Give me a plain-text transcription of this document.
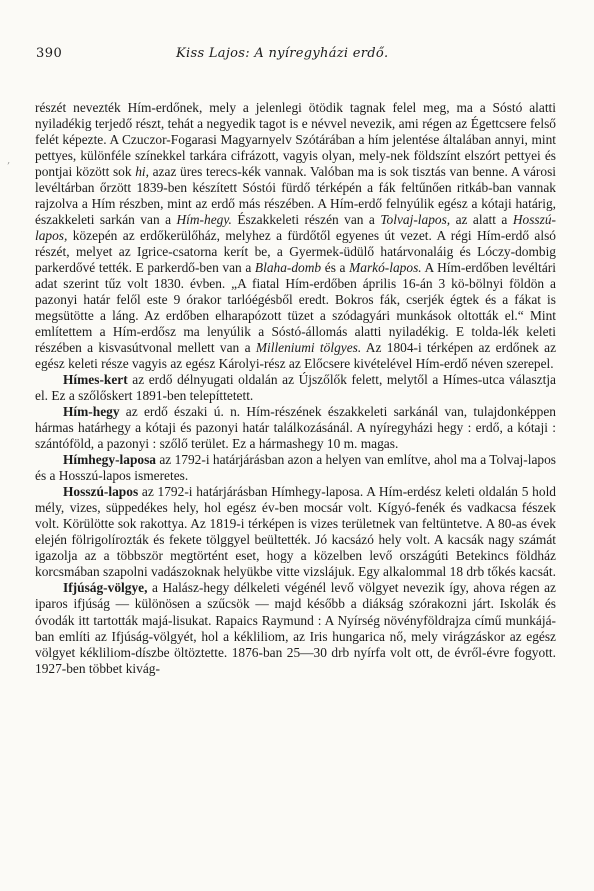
‚
390	Kiss Lajos: A nyíregyházi erdő.

részét nevezték Hím-erdőnek, mely a jelenlegi ötödik tagnak felel meg, ma a Sóstó alatti nyiladékig terjedő részt, tehát a negyedik tagot is e névvel nevezik, ami régen az Égettcsere felső felét képezte. A Czuczor-Fogarasi Magyarnyelv Szótárában a hím jelentése általában annyi, mint pettyes, különféle színekkel tarkára cifrázott, vagyis olyan, mely-nek földszínt elszórt pettyei és pontjai között sok hi, azaz üres terecs-kék vannak. Valóban ma is sok tisztás van benne. A városi levéltárban őrzött 1839-ben készített Sóstói fürdő térképén a fák feltűnően ritkáb-ban vannak rajzolva a Hím részben, mint az erdő más részében. A Hím-erdő felnyúlik egész a kótaji határig, északkeleti sarkán van a Hím-hegy. Északkeleti részén van a Tolvaj-lapos, az alatt a Hosszú-lapos, közepén az erdőkerülőház, melyhez a fürdőtől egyenes út vezet. A régi Hím-erdő alsó részét, melyet az Igrice-csatorna kerít be, a Gyermek-üdülő határvonaláig és Lóczy-dombig parkerdővé tették. E parkerdő-ben van a Blaha-domb és a Markó-lapos. A Hím-erdőben levéltári adat szerint tűz volt 1830. évben. „A fiatal Hím-erdőben április 16-án 3 kö-bölnyi földön a pazonyi határ felől este 9 órakor tarlóégésből eredt. Bokros fák, cserjék égtek és a fákat is megsütötte a láng. Az erdőben elharapózott tüzet a szódagyári munkások oltották el.“ Mint említettem a Hím-erdősz ma lenyúlik a Sóstó-állomás alatti nyiladékig. E tolda-lék keleti részében a kisvasútvonal mellett van a Milleniumi tölgyes. Az 1804-i térképen az erdőnek az egész keleti része vagyis az egész Károlyi-rész az Előcsere kivételével Hím-erdő néven szerepel.

Hímes-kert az erdő délnyugati oldalán az Újszőlők felett, melytől a Hímes-utca választja el. Ez a szőlőskert 1891-ben telepíttetett.

Hím-hegy az erdő északi ú. n. Hím-részének északkeleti sarkánál van, tulajdonképpen hármas határhegy a kótaji és pazonyi határ találkozásánál. A nyíregyházi hegy : erdő, a kótaji : szántóföld, a pazonyi : szőlő terület. Ez a hármashegy 10 m. magas.

Hímhegy-laposa az 1792-i határjárásban azon a helyen van említve, ahol ma a Tolvaj-lapos és a Hosszú-lapos ismeretes.

Hosszú-lapos az 1792-i határjárásban Hímhegy-laposa. A Hím-erdész keleti oldalán 5 hold mély, vizes, süppedékes hely, hol egész év-ben mocsár volt. Kígyó-fenék és vadkacsa fészek volt. Körülötte sok rakottya. Az 1819-i térképen is vizes területnek van feltüntetve. A 80-as évek elején fölrigolírozták és fekete tölggyel beültették. Jó kacsázó hely volt. A kacsák nagy számát igazolja az a többször megtörtént eset, hogy a közelben levő országúti Betekincs földház korcsmában szapolni vadászoknak helyükbe vitte vizslájuk. Egy alkalommal 18 drb tőkés kacsát.

Ifjúság-völgye, a Halász-hegy délkeleti végénél levő völgyet nevezik így, ahova régen az iparos ifjúság — különösen a szűcsök — majd később a diákság szórakozni járt. Iskolák és óvodák itt tartották majá-lisukat. Rapaics Raymund : A Nyírség növényföldrajza című munkájá-ban említi az Ifjúság-völgyét, hol a kékliliom, az Iris hungarica nő, mely virágzáskor az egész völgyet kékliliom-díszbe öltöztette. 1876-ban 25—30 drb nyírfa volt ott, de évről-évre fogyott. 1927-ben többet kivág-
